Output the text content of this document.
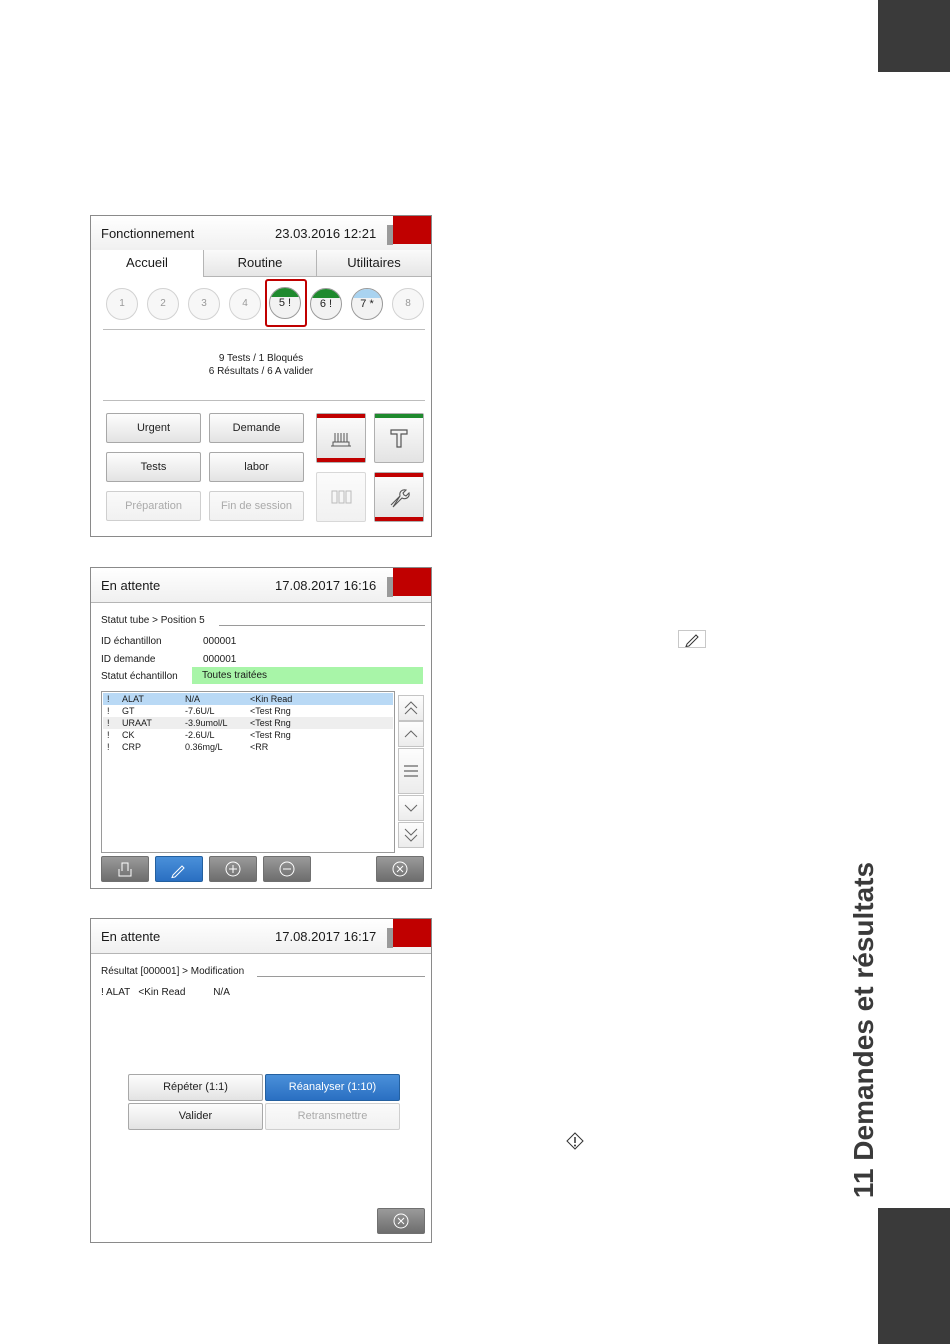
11 Demandes et résultats
Fonctionnement	23.03.2016 12:21
Accueil	Routine	Utilitaires
1	2	3	4	5 !	6 !	7 *	8
9 Tests / 1 Bloqués
6 Résultats / 6 A valider
Urgent	Demande
Tests	labor
Préparation	Fin de session
En attente	17.08.2017 16:16
Statut tube > Position 5
ID échantillon	000001
ID demande	000001
Statut échantillon Toutes traitées
! ALAT	N/A	<Kin Read
! GT	-7.6U/L	<Test Rng
! URAAT	-3.9umol/L <Test Rng
! CK	-2.6U/L	<Test Rng
! CRP	0.36mg/L	<RR
En attente	17.08.2017 16:17
Résultat [000001] > Modification
! ALAT   <Kin Read          N/A
Répéter (1:1)	Réanalyser (1:10)
Valider	Retransmettre
